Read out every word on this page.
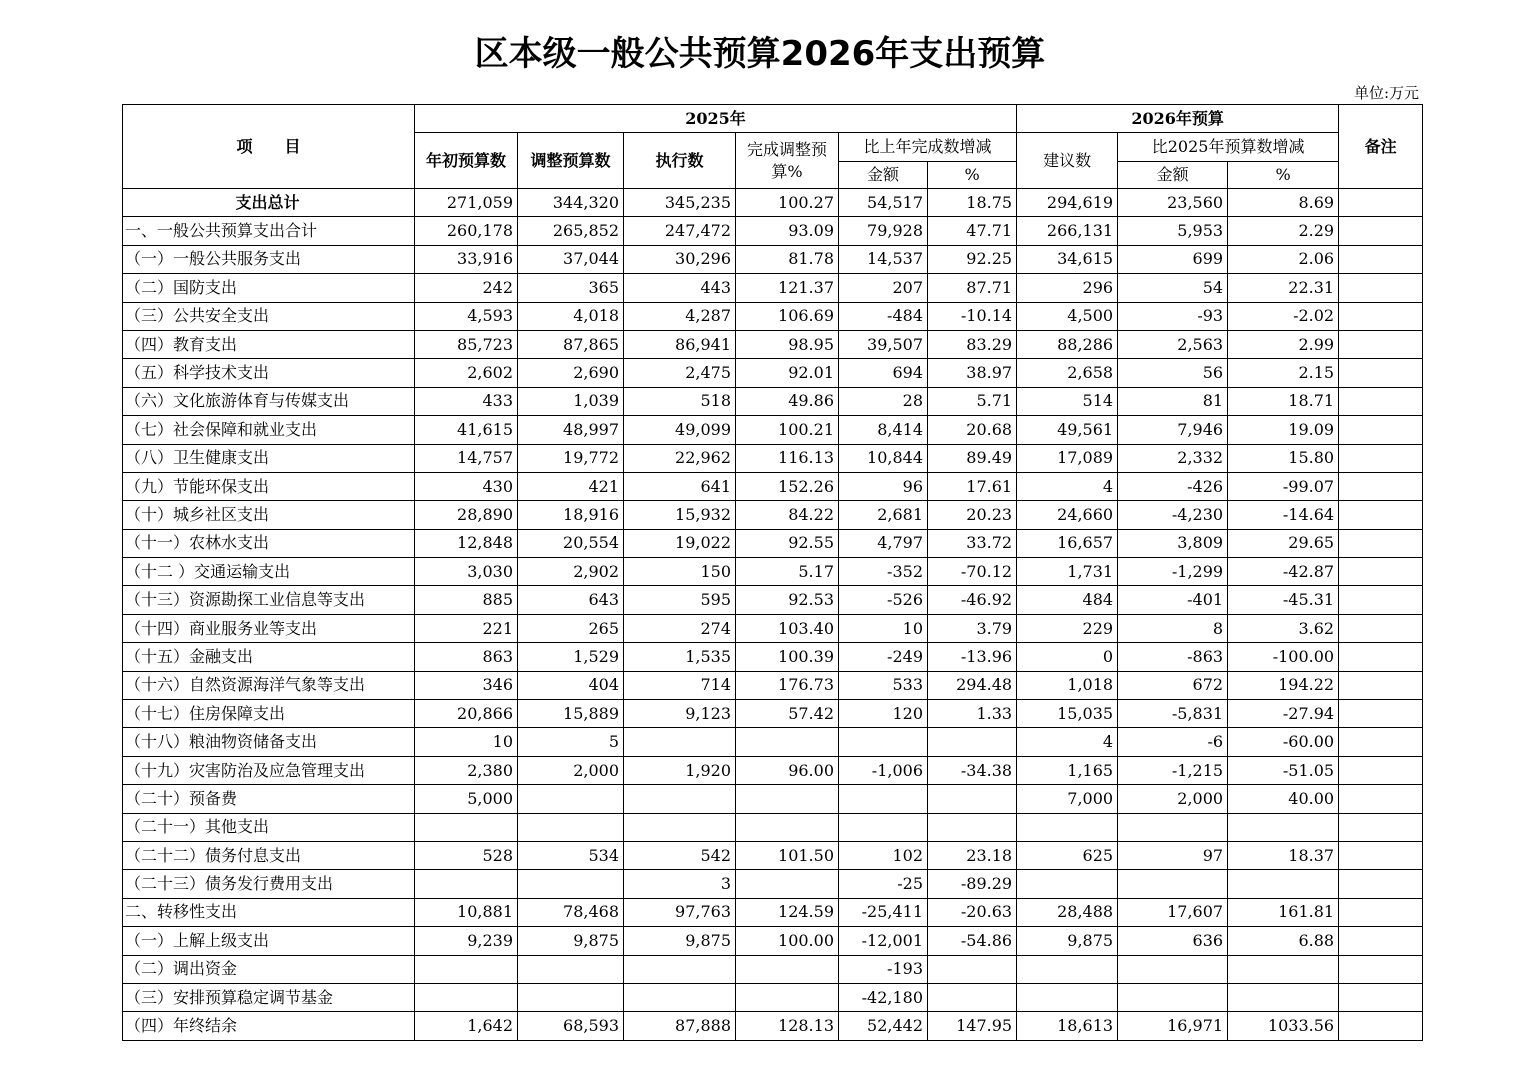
区本级一般公共预算2026年支出预算
单位:万元
项　　目	2025年						2026年预算			备注
	年初预算数	调整预算数	执行数	完成调整预算%	比上年完成数增减		建议数	比2025年预算数增减		
					金额	%		金额	%	
支出总计	271,059	344,320	345,235	100.27	54,517	18.75	294,619	23,560	8.69	
一、一般公共预算支出合计	260,178	265,852	247,472	93.09	79,928	47.71	266,131	5,953	2.29	
（一）一般公共服务支出	33,916	37,044	30,296	81.78	14,537	92.25	34,615	699	2.06	
（二）国防支出	242	365	443	121.37	207	87.71	296	54	22.31	
（三）公共安全支出	4,593	4,018	4,287	106.69	-484	-10.14	4,500	-93	-2.02	
（四）教育支出	85,723	87,865	86,941	98.95	39,507	83.29	88,286	2,563	2.99	
（五）科学技术支出	2,602	2,690	2,475	92.01	694	38.97	2,658	56	2.15	
（六）文化旅游体育与传媒支出	433	1,039	518	49.86	28	5.71	514	81	18.71	
（七）社会保障和就业支出	41,615	48,997	49,099	100.21	8,414	20.68	49,561	7,946	19.09	
（八）卫生健康支出	14,757	19,772	22,962	116.13	10,844	89.49	17,089	2,332	15.80	
（九）节能环保支出	430	421	641	152.26	96	17.61	4	-426	-99.07	
（十）城乡社区支出	28,890	18,916	15,932	84.22	2,681	20.23	24,660	-4,230	-14.64	
（十一）农林水支出	12,848	20,554	19,022	92.55	4,797	33.72	16,657	3,809	29.65	
（十二 ）交通运输支出	3,030	2,902	150	5.17	-352	-70.12	1,731	-1,299	-42.87	
（十三）资源勘探工业信息等支出	885	643	595	92.53	-526	-46.92	484	-401	-45.31	
（十四）商业服务业等支出	221	265	274	103.40	10	3.79	229	8	3.62	
（十五）金融支出	863	1,529	1,535	100.39	-249	-13.96	0	-863	-100.00	
（十六）自然资源海洋气象等支出	346	404	714	176.73	533	294.48	1,018	672	194.22	
（十七）住房保障支出	20,866	15,889	9,123	57.42	120	1.33	15,035	-5,831	-27.94	
（十八）粮油物资储备支出	10	5					4	-6	-60.00	
（十九）灾害防治及应急管理支出	2,380	2,000	1,920	96.00	-1,006	-34.38	1,165	-1,215	-51.05	
（二十）预备费	5,000						7,000	2,000	40.00	
（二十一）其他支出										
（二十二）债务付息支出	528	534	542	101.50	102	23.18	625	97	18.37	
（二十三）债务发行费用支出			3		-25	-89.29				
二、转移性支出	10,881	78,468	97,763	124.59	-25,411	-20.63	28,488	17,607	161.81	
（一）上解上级支出	9,239	9,875	9,875	100.00	-12,001	-54.86	9,875	636	6.88	
（二）调出资金					-193					
（三）安排预算稳定调节基金					-42,180					
（四）年终结余	1,642	68,593	87,888	128.13	52,442	147.95	18,613	16,971	1033.56	
